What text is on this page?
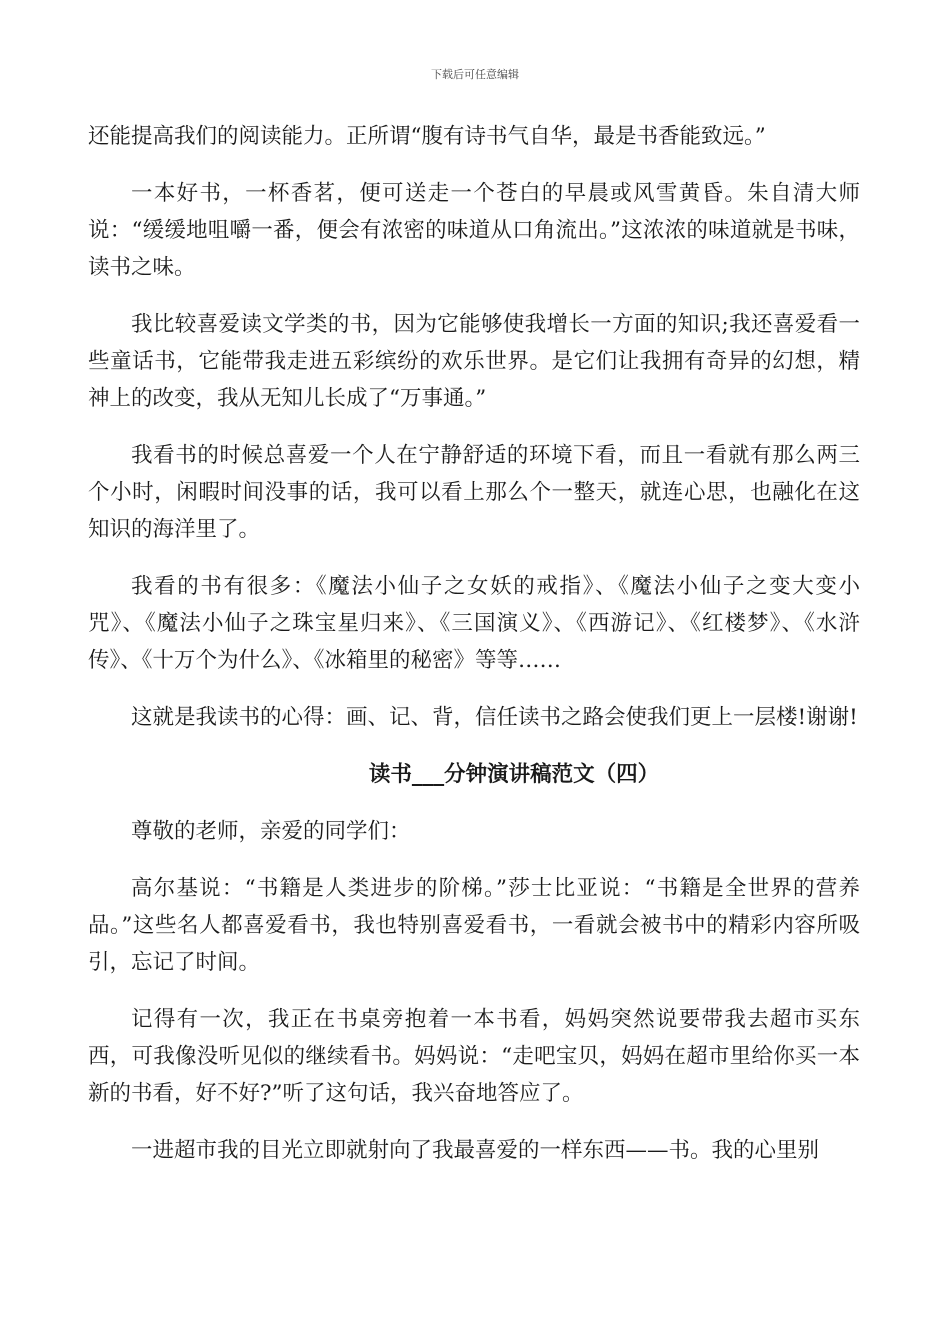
下载后可任意编辑

还能提高我们的阅读能力。正所谓“腹有诗书气自华，最是书香能致远。”

一本好书，一杯香茗，便可送走一个苍白的早晨或风雪黄昏。朱自清大师说：“缓缓地咀嚼一番，便会有浓密的味道从口角流出。”这浓浓的味道就是书味，读书之味。

我比较喜爱读文学类的书，因为它能够使我增长一方面的知识;我还喜爱看一些童话书，它能带我走进五彩缤纷的欢乐世界。是它们让我拥有奇异的幻想，精神上的改变，我从无知儿长成了“万事通。”

我看书的时候总喜爱一个人在宁静舒适的环境下看，而且一看就有那么两三个小时，闲暇时间没事的话，我可以看上那么个一整天，就连心思，也融化在这知识的海洋里了。

我看的书有很多：《魔法小仙子之女妖的戒指》、《魔法小仙子之变大变小咒》、《魔法小仙子之珠宝星归来》、《三国演义》、《西游记》、《红楼梦》、《水浒传》、《十万个为什么》、《冰箱里的秘密》等等……

这就是我读书的心得：画、记、背，信任读书之路会使我们更上一层楼!谢谢!

读书___分钟演讲稿范文（四）

尊敬的老师，亲爱的同学们：

高尔基说：“书籍是人类进步的阶梯。”莎士比亚说：“书籍是全世界的营养品。”这些名人都喜爱看书，我也特别喜爱看书，一看就会被书中的精彩内容所吸引，忘记了时间。

记得有一次，我正在书桌旁抱着一本书看，妈妈突然说要带我去超市买东西，可我像没听见似的继续看书。妈妈说：“走吧宝贝，妈妈在超市里给你买一本新的书看，好不好?”听了这句话，我兴奋地答应了。

一进超市我的目光立即就射向了我最喜爱的一样东西——书。我的心里别
